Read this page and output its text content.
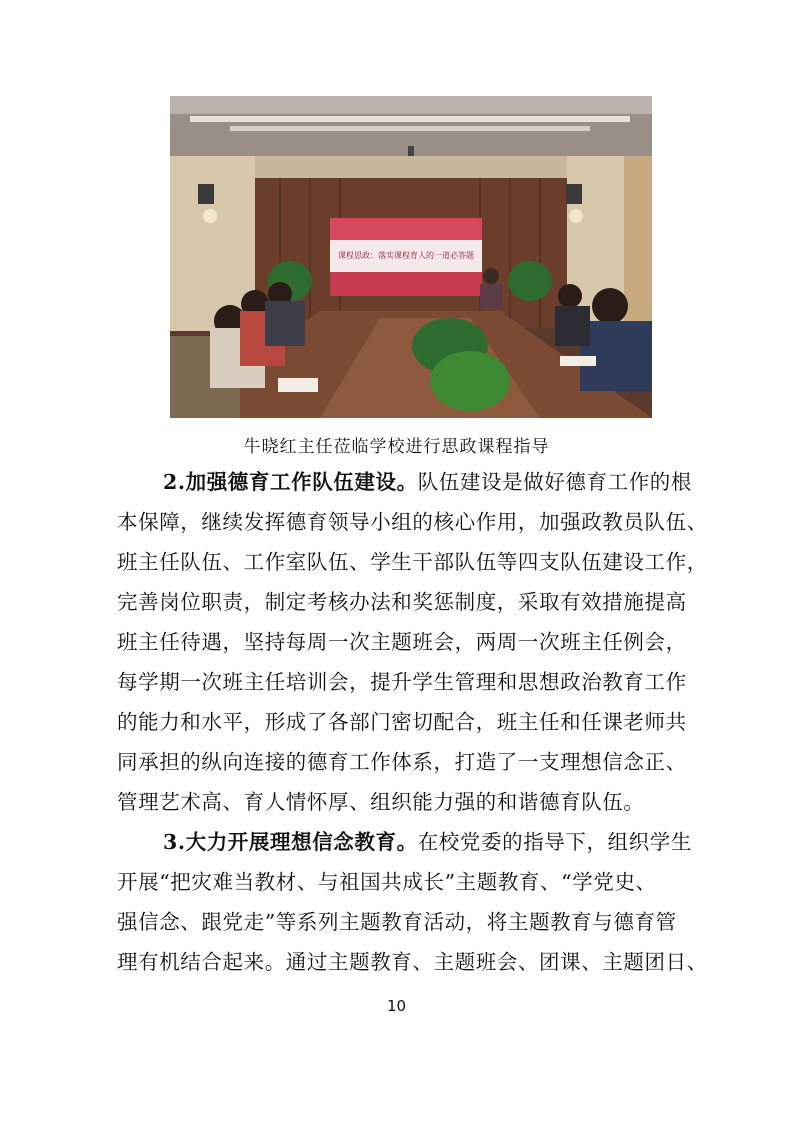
课程思政：落实课程育人的一道必答题
牛晓红主任莅临学校进行思政课程指导
2.加强德育工作队伍建设。队伍建设是做好德育工作的根
本保障，继续发挥德育领导小组的核心作用，加强政教员队伍、
班主任队伍、工作室队伍、学生干部队伍等四支队伍建设工作，
完善岗位职责，制定考核办法和奖惩制度，采取有效措施提高
班主任待遇，坚持每周一次主题班会，两周一次班主任例会，
每学期一次班主任培训会，提升学生管理和思想政治教育工作
的能力和水平，形成了各部门密切配合，班主任和任课老师共
同承担的纵向连接的德育工作体系，打造了一支理想信念正、
管理艺术高、育人情怀厚、组织能力强的和谐德育队伍。
3.大力开展理想信念教育。在校党委的指导下，组织学生
开展“把灾难当教材、与祖国共成长”主题教育、“学党史、
强信念、跟党走”等系列主题教育活动，将主题教育与德育管
理有机结合起来。通过主题教育、主题班会、团课、主题团日、
10
